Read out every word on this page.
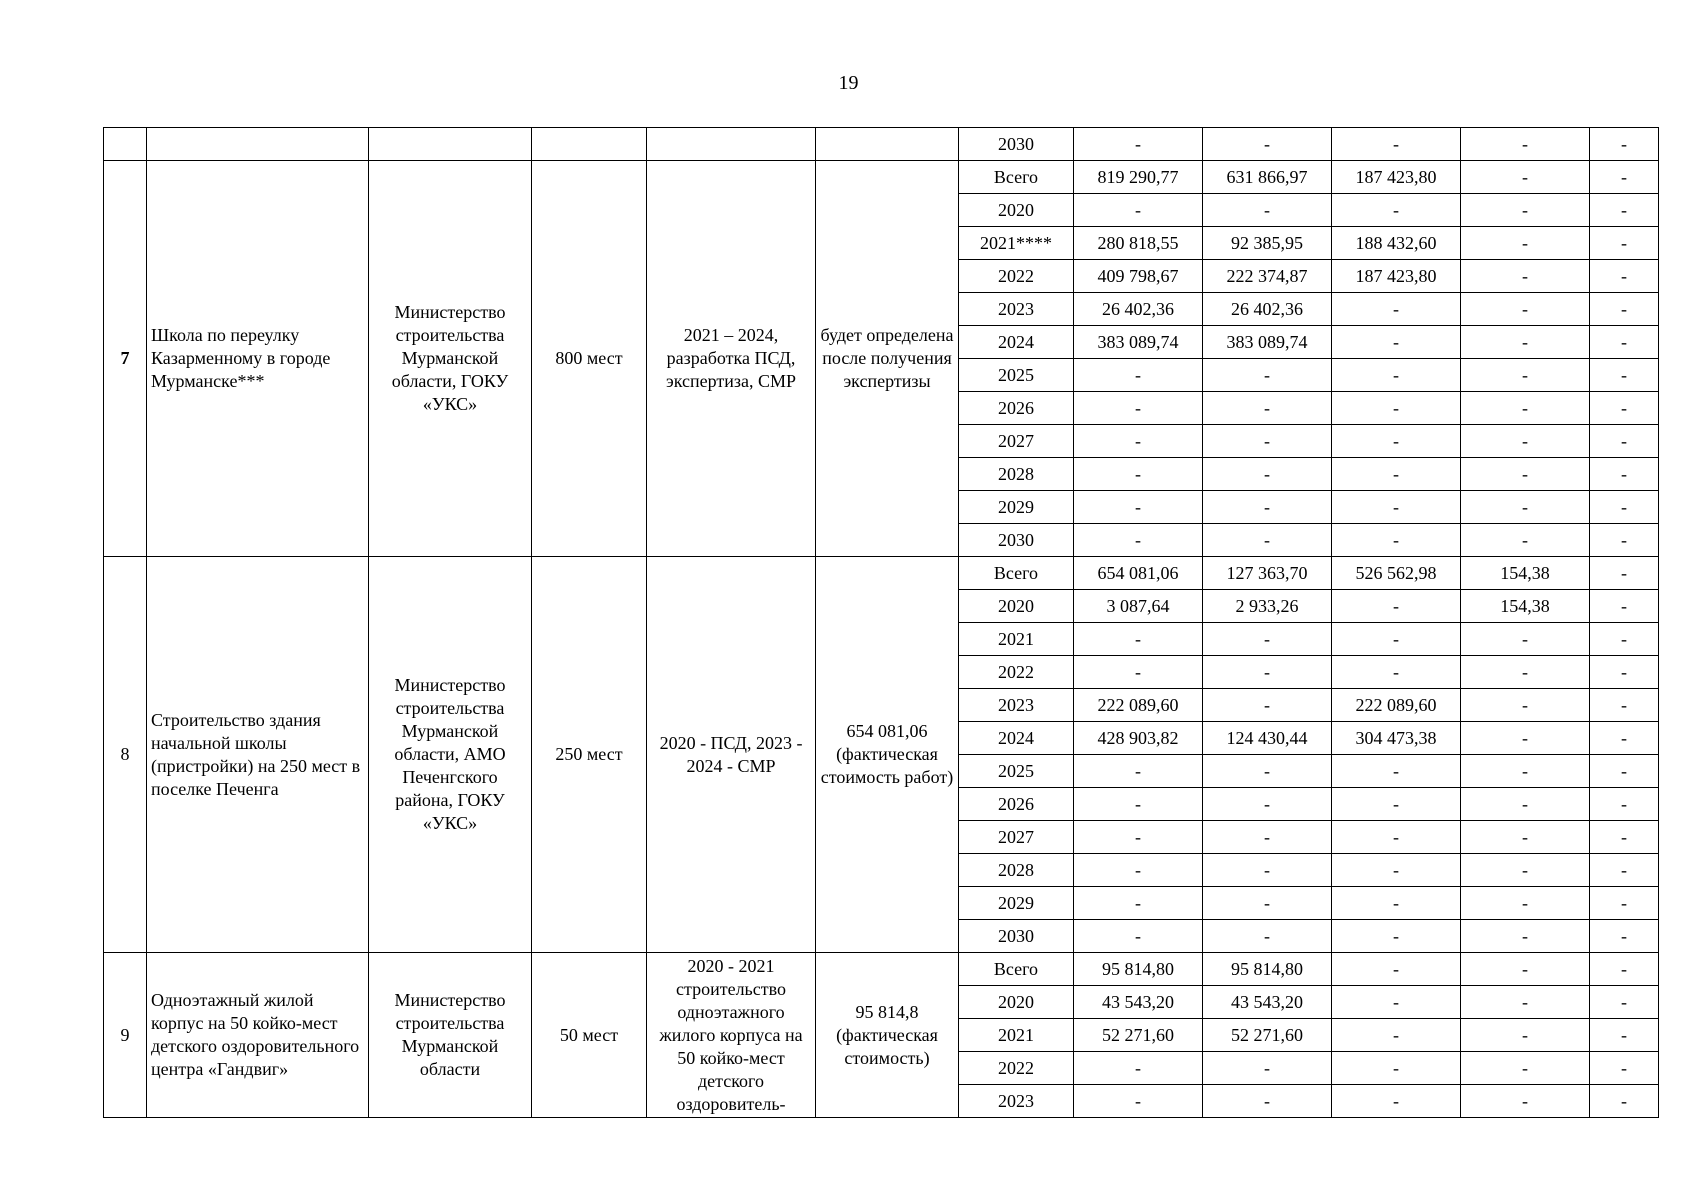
19
						2030	-	-	-	-	-
7	Школа по переулку Казарменному в городе Мурманске***	Министерство строительства Мурманской области, ГОКУ «УКС»	800 мест	2021 – 2024, разработка ПСД, экспертиза, СМР	будет определена после получения экспертизы	Всего	819 290,77	631 866,97	187 423,80	-	-
						2020	-	-	-	-	-
						2021****	280 818,55	92 385,95	188 432,60	-	-
						2022	409 798,67	222 374,87	187 423,80	-	-
						2023	26 402,36	26 402,36	-	-	-
						2024	383 089,74	383 089,74	-	-	-
						2025	-	-	-	-	-
						2026	-	-	-	-	-
						2027	-	-	-	-	-
						2028	-	-	-	-	-
						2029	-	-	-	-	-
						2030	-	-	-	-	-
8	Строительство здания начальной школы (пристройки) на 250 мест в поселке Печенга	Министерство строительства Мурманской области, АМО Печенгского района, ГОКУ «УКС»	250 мест	2020 - ПСД, 2023 - 2024 - СМР	654 081,06 (фактическая стоимость работ)	Всего	654 081,06	127 363,70	526 562,98	154,38	-
						2020	3 087,64	2 933,26	-	154,38	-
						2021	-	-	-	-	-
						2022	-	-	-	-	-
						2023	222 089,60	-	222 089,60	-	-
						2024	428 903,82	124 430,44	304 473,38	-	-
						2025	-	-	-	-	-
						2026	-	-	-	-	-
						2027	-	-	-	-	-
						2028	-	-	-	-	-
						2029	-	-	-	-	-
						2030	-	-	-	-	-
9	Одноэтажный жилой корпус на 50 койко-мест детского оздоровительного центра «Гандвиг»	Министерство строительства Мурманской области	50 мест	2020 - 2021 строительство одноэтажного жилого корпуса на 50 койко-мест детского оздоровитель-	95 814,8 (фактическая стоимость)	Всего	95 814,80	95 814,80	-	-	-
						2020	43 543,20	43 543,20	-	-	-
						2021	52 271,60	52 271,60	-	-	-
						2022	-	-	-	-	-
						2023	-	-	-	-	-
